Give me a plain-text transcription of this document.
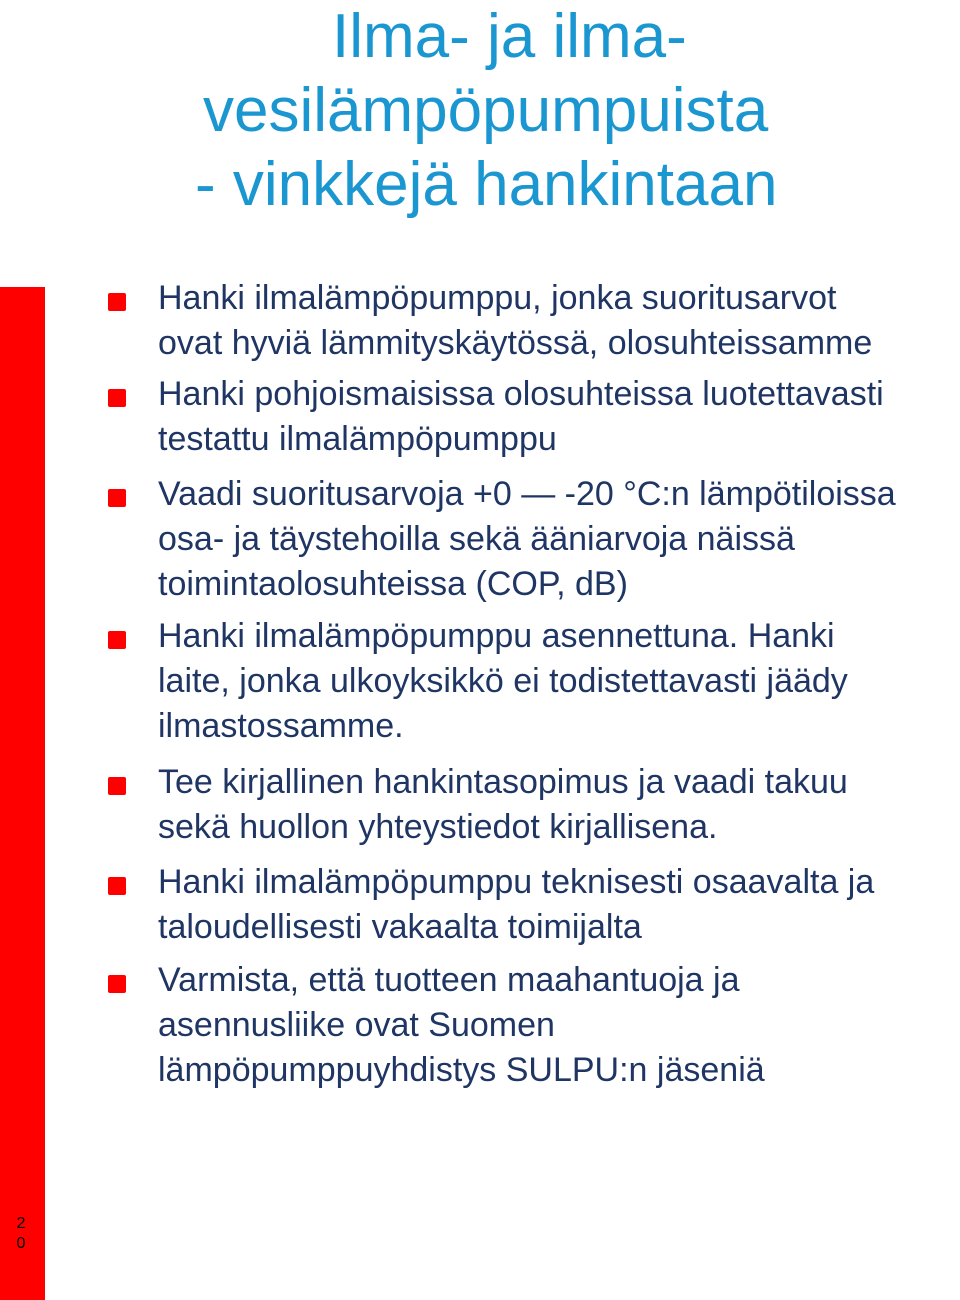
Ilma- ja ilma-
vesilämpöpumpuista
- vinkkejä hankintaan
20
Hanki ilmalämpöpumppu, jonka suoritusarvot
ovat hyviä lämmityskäytössä, olosuhteissamme
Hanki pohjoismaisissa olosuhteissa luotettavasti
testattu ilmalämpöpumppu
Vaadi suoritusarvoja +0 — -20 °C:n lämpötiloissa
osa- ja täystehoilla sekä ääniarvoja näissä
toimintaolosuhteissa (COP, dB)
Hanki ilmalämpöpumppu asennettuna. Hanki
laite, jonka ulkoyksikkö ei todistettavasti jäädy
ilmastossamme.
Tee kirjallinen hankintasopimus ja vaadi takuu
sekä huollon yhteystiedot kirjallisena.
Hanki ilmalämpöpumppu teknisesti osaavalta ja
taloudellisesti vakaalta toimijalta
Varmista, että tuotteen maahantuoja ja
asennusliike ovat Suomen
lämpöpumppuyhdistys SULPU:n jäseniä
